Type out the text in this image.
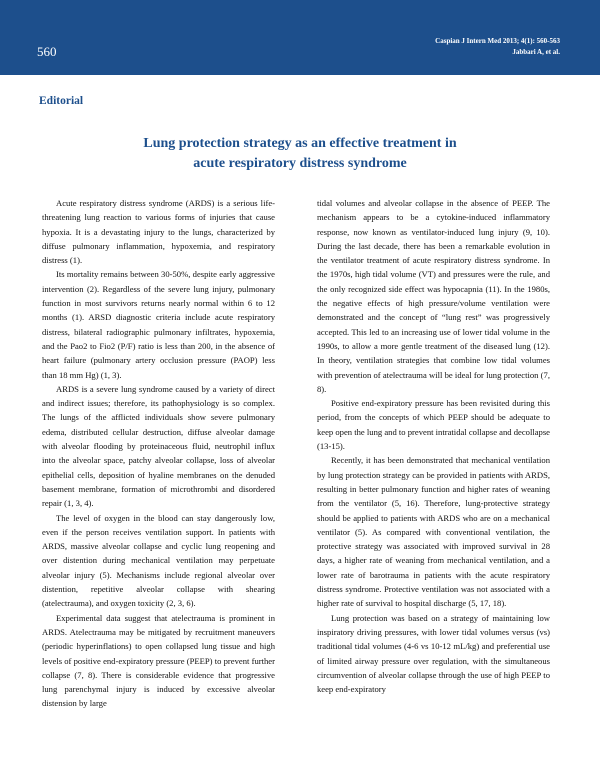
560
Caspian J Intern Med 2013; 4(1): 560-563
Jabbari A, et al.
Editorial
Lung protection strategy as an effective treatment in
acute respiratory distress syndrome

Acute respiratory distress syndrome (ARDS) is a serious life-threatening lung reaction to various forms of injuries that cause hypoxia. It is a devastating injury to the lungs, characterized by diffuse pulmonary inflammation, hypoxemia, and respiratory distress (1).

Its mortality remains between 30-50%, despite early aggressive intervention (2). Regardless of the severe lung injury, pulmonary function in most survivors returns nearly normal within 6 to 12 months (1). ARSD diagnostic criteria include acute respiratory distress, bilateral radiographic pulmonary infiltrates, hypoxemia, and the Pao2 to Fio2 (P/F) ratio is less than 200, in the absence of heart failure (pulmonary artery occlusion pressure (PAOP) less than 18 mm Hg) (1, 3).

ARDS is a severe lung syndrome caused by a variety of direct and indirect issues; therefore, its pathophysiology is so complex. The lungs of the afflicted individuals show severe pulmonary edema, distributed cellular destruction, diffuse alveolar damage with alveolar flooding by proteinaceous fluid, neutrophil influx into the alveolar space, patchy alveolar collapse, loss of alveolar epithelial cells, deposition of hyaline membranes on the denuded basement membrane, formation of microthrombi and disordered repair (1, 3, 4).

The level of oxygen in the blood can stay dangerously low, even if the person receives ventilation support. In patients with ARDS, massive alveolar collapse and cyclic lung reopening and over distention during mechanical ventilation may perpetuate alveolar injury (5). Mechanisms include regional alveolar over distention, repetitive alveolar collapse with shearing (atelectrauma), and oxygen toxicity (2, 3, 6).

Experimental data suggest that atelectrauma is prominent in ARDS. Atelectrauma may be mitigated by recruitment maneuvers (periodic hyperinflations) to open collapsed lung tissue and high levels of positive end-expiratory pressure (PEEP) to prevent further collapse (7, 8). There is considerable evidence that progressive lung parenchymal injury is induced by excessive alveolar distension by large

tidal volumes and alveolar collapse in the absence of PEEP. The mechanism appears to be a cytokine-induced inflammatory response, now known as ventilator-induced lung injury (9, 10). During the last decade, there has been a remarkable evolution in the ventilator treatment of acute respiratory distress syndrome. In the 1970s, high tidal volume (VT) and pressures were the rule, and the only recognized side effect was hypocapnia (11). In the 1980s, the negative effects of high pressure/volume ventilation were demonstrated and the concept of “lung rest” was progressively accepted. This led to an increasing use of lower tidal volume in the 1990s, to allow a more gentle treatment of the diseased lung (12). In theory, ventilation strategies that combine low tidal volumes with prevention of atelectrauma will be ideal for lung protection (7, 8).

Positive end-expiratory pressure has been revisited during this period, from the concepts of which PEEP should be adequate to keep open the lung and to prevent intratidal collapse and decollapse (13-15).

Recently, it has been demonstrated that mechanical ventilation by lung protection strategy can be provided in patients with ARDS, resulting in better pulmonary function and higher rates of weaning from the ventilator (5, 16). Therefore, lung-protective strategy should be applied to patients with ARDS who are on a mechanical ventilator (5). As compared with conventional ventilation, the protective strategy was associated with improved survival in 28 days, a higher rate of weaning from mechanical ventilation, and a lower rate of barotrauma in patients with the acute respiratory distress syndrome. Protective ventilation was not associated with a higher rate of survival to hospital discharge (5, 17, 18).

Lung protection was based on a strategy of maintaining low inspiratory driving pressures, with lower tidal volumes versus (vs) traditional tidal volumes (4-6 vs 10-12 mL/kg) and preferential use of limited airway pressure over regulation, with the simultaneous circumvention of alveolar collapse through the use of high PEEP to keep end-expiratory
